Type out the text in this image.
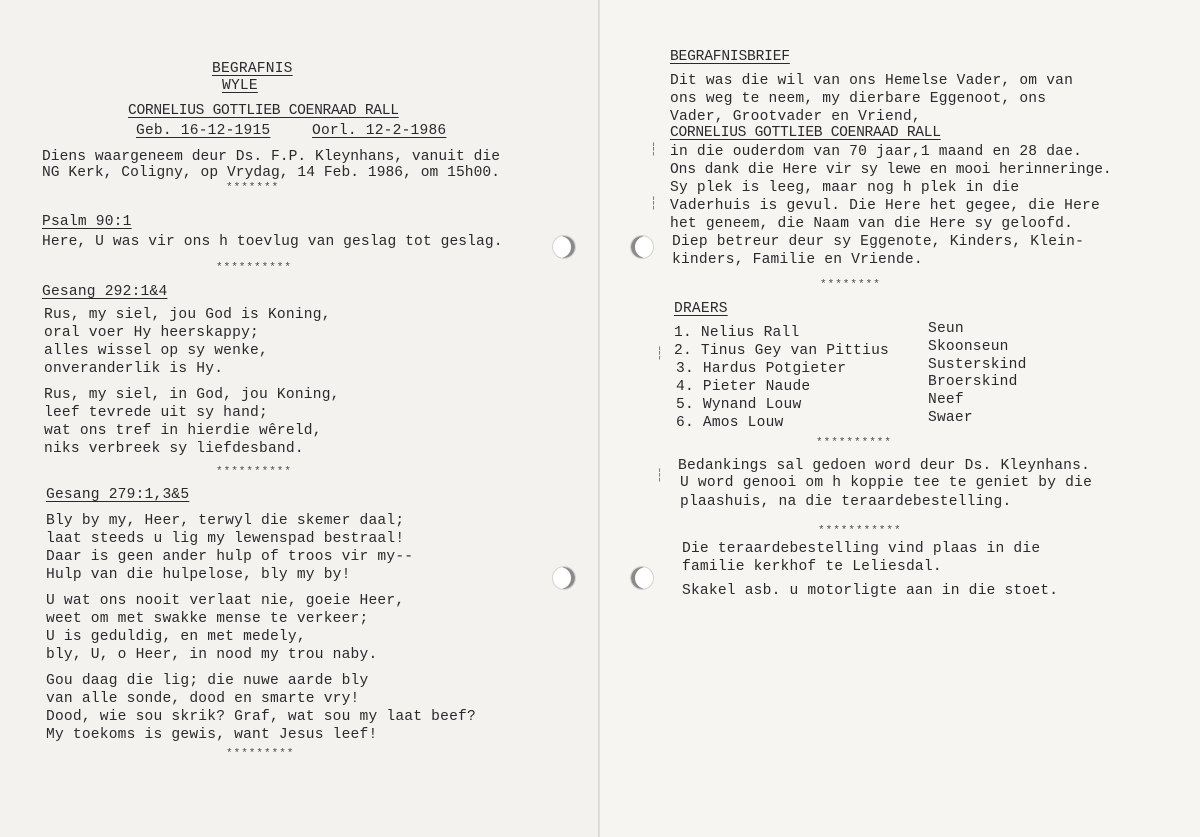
BEGRAFNIS
WYLE
CORNELIUS GOTTLIEB COENRAAD RALL
Geb. 16-12-1915	Oorl. 12-2-1986
Diens waargeneem deur Ds. F.P. Kleynhans, vanuit die
NG Kerk, Coligny, op Vrydag, 14 Feb. 1986, om 15h00.
*******
Psalm 90:1
Here, U was vir ons h toevlug van geslag tot geslag.
**********
Gesang 292:1&4
Rus, my siel, jou God is Koning,
oral voer Hy heerskappy;
alles wissel op sy wenke,
onveranderlik is Hy.
Rus, my siel, in God, jou Koning,
leef tevrede uit sy hand;
wat ons tref in hierdie wêreld,
niks verbreek sy liefdesband.
**********
Gesang 279:1,3&5
Bly by my, Heer, terwyl die skemer daal;
laat steeds u lig my lewenspad bestraal!
Daar is geen ander hulp of troos vir my--
Hulp van die hulpelose, bly my by!
U wat ons nooit verlaat nie, goeie Heer,
weet om met swakke mense te verkeer;
U is geduldig, en met medely,
bly, U, o Heer, in nood my trou naby.
Gou daag die lig; die nuwe aarde bly
van alle sonde, dood en smarte vry!
Dood, wie sou skrik? Graf, wat sou my laat beef?
My toekoms is gewis, want Jesus leef!
*********
BEGRAFNISBRIEF
Dit was die wil van ons Hemelse Vader, om van
ons weg te neem, my dierbare Eggenoot, ons
Vader, Grootvader en Vriend,
CORNELIUS GOTTLIEB COENRAAD RALL
in die ouderdom van 70 jaar,1 maand en 28 dae.
Ons dank die Here vir sy lewe en mooi herinneringe.
Sy plek is leeg, maar nog h plek in die
Vaderhuis is gevul. Die Here het gegee, die Here
het geneem, die Naam van die Here sy geloofd.
Diep betreur deur sy Eggenote, Kinders, Klein-
kinders, Familie en Vriende.
********
DRAERS
1. Nelius Rall	Seun
2. Tinus Gey van Pittius	Skoonseun
3. Hardus Potgieter	Susterskind
4. Pieter Naude	Broerskind
5. Wynand Louw	Neef
6. Amos Louw	Swaer
**********
Bedankings sal gedoen word deur Ds. Kleynhans.
U word genooi om h koppie tee te geniet by die
plaashuis, na die teraardebestelling.
***********
Die teraardebestelling vind plaas in die
familie kerkhof te Leliesdal.
Skakel asb. u motorligte aan in die stoet.
┆
┆
┆
┆
